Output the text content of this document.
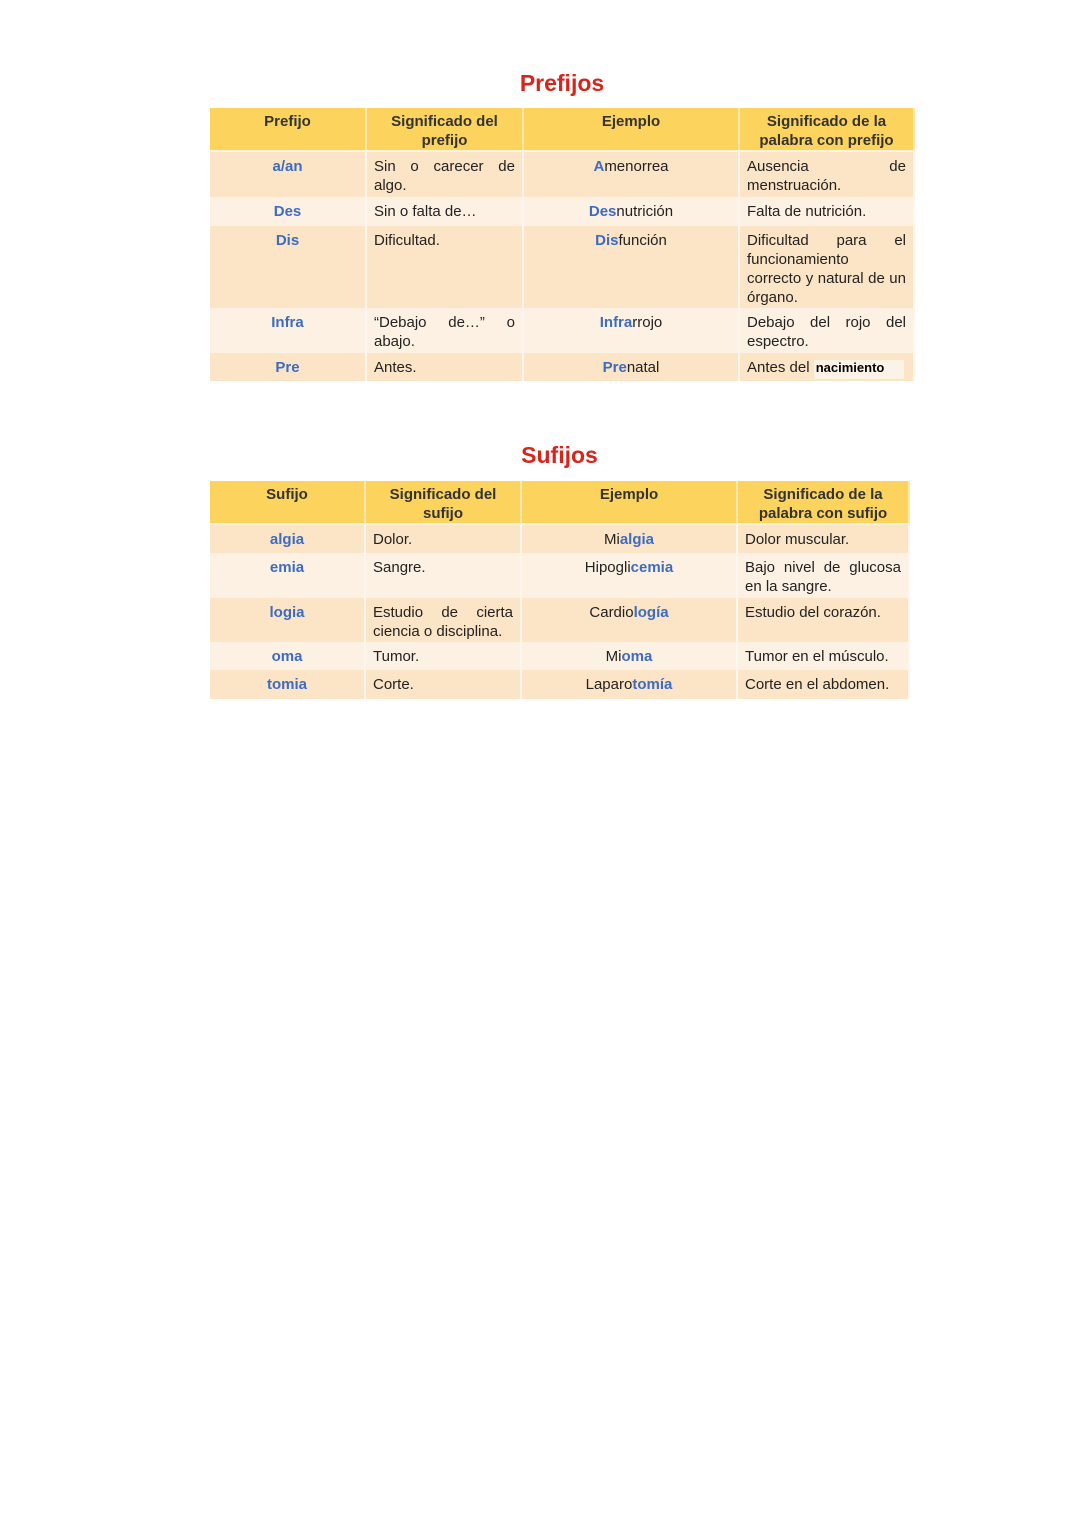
Prefijos
Prefijo	Significado del prefijo	Ejemplo	Significado de la palabra con prefijo
a/an	Sin o carecer de algo.	Amenorrea	Ausencia de menstruación.
Des	Sin o falta de…	Desnutrición	Falta de nutrición.
Dis	Dificultad.	Disfunción	Dificultad para el funcionamiento correcto y natural de un órgano.
Infra	“Debajo de…” o abajo.	Infrarrojo	Debajo del rojo del espectro.
Pre	Antes.	Prenatal	Antes del nacimiento
Sufijos
Sufijo	Significado del sufijo	Ejemplo	Significado de la palabra con sufijo
algia	Dolor.	Mialgia	Dolor muscular.
emia	Sangre.	Hipoglicemia	Bajo nivel de glucosa en la sangre.
logia	Estudio de cierta ciencia o disciplina.	Cardiología	Estudio del corazón.
oma	Tumor.	Mioma	Tumor en el músculo.
tomia	Corte.	Laparotomía	Corte en el abdomen.
